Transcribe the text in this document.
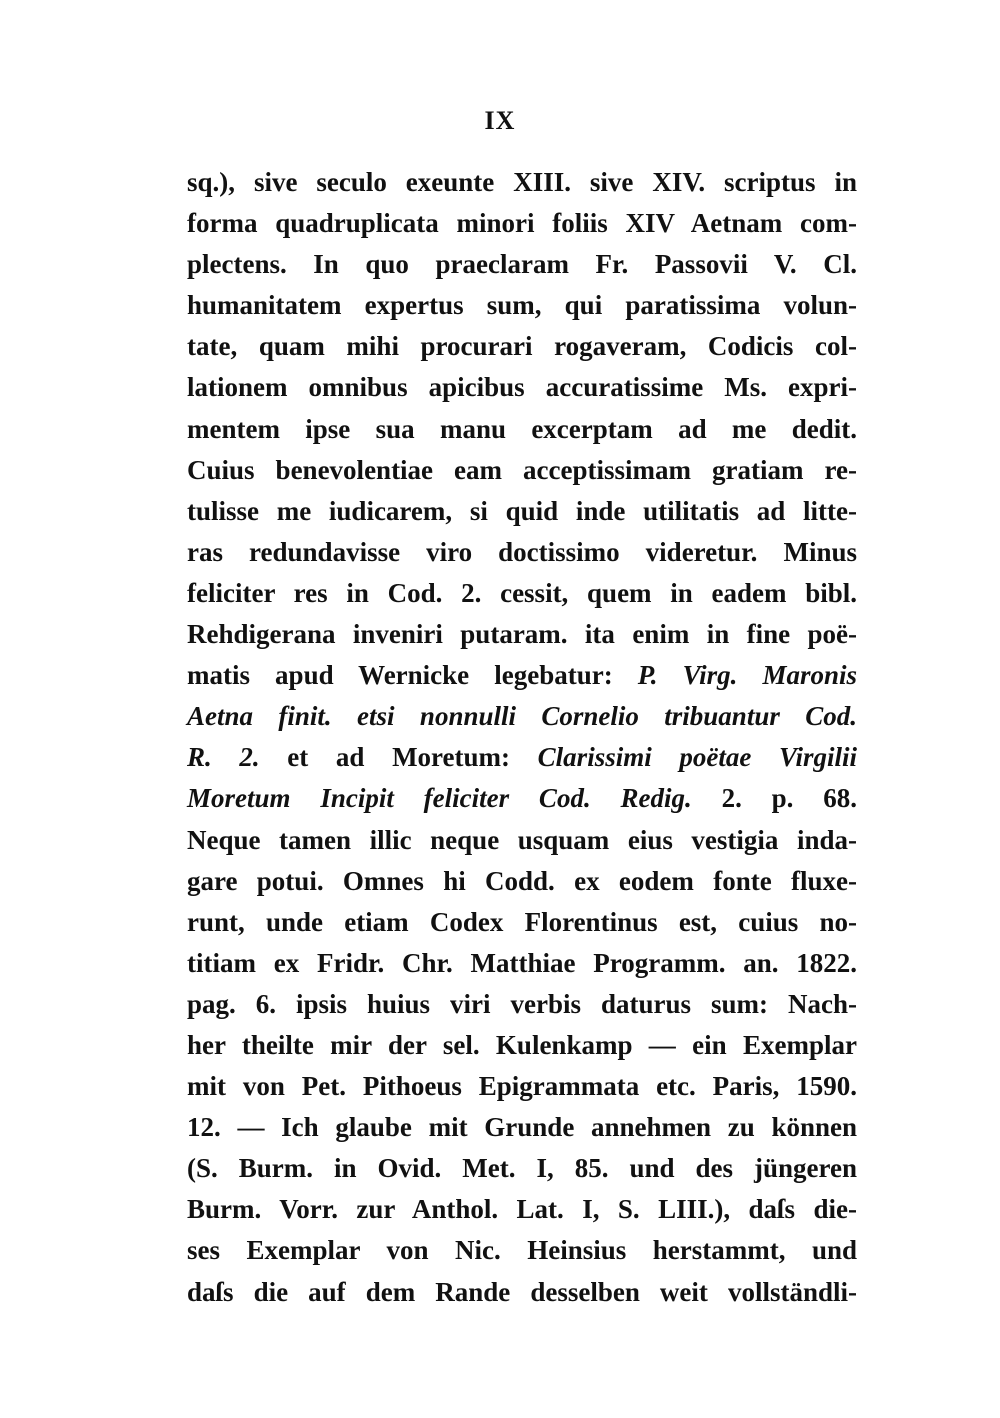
IX
sq.), sive seculo exeunte XIII. sive XIV. scriptus in
forma quadruplicata minori foliis XIV Aetnam com-
plectens. In quo praeclaram Fr. Passovii V. Cl.
humanitatem expertus sum, qui paratissima volun-
tate, quam mihi procurari rogaveram, Codicis col-
lationem omnibus apicibus accuratissime Ms. expri-
mentem ipse sua manu excerptam ad me dedit.
Cuius benevolentiae eam acceptissimam gratiam re-
tulisse me iudicarem, si quid inde utilitatis ad litte-
ras redundavisse viro doctissimo videretur. Minus
feliciter res in Cod. 2. cessit, quem in eadem bibl.
Rehdigerana inveniri putaram. ita enim in fine poë-
matis apud Wernicke legebatur: P. Virg. Maronis
Aetna finit. etsi nonnulli Cornelio tribuantur Cod.
R. 2. et ad Moretum: Clarissimi poëtae Virgilii
Moretum Incipit feliciter Cod. Redig. 2. p. 68.
Neque tamen illic neque usquam eius vestigia inda-
gare potui. Omnes hi Codd. ex eodem fonte fluxe-
runt, unde etiam Codex Florentinus est, cuius no-
titiam ex Fridr. Chr. Matthiae Programm. an. 1822.
pag. 6. ipsis huius viri verbis daturus sum: Nach-
her theilte mir der sel. Kulenkamp — ein Exemplar
mit von Pet. Pithoeus Epigrammata etc. Paris, 1590.
12. — Ich glaube mit Grunde annehmen zu können
(S. Burm. in Ovid. Met. I, 85. und des jüngeren
Burm. Vorr. zur Anthol. Lat. I, S. LIII.), daſs die-
ses Exemplar von Nic. Heinsius herstammt, und
daſs die auf dem Rande desselben weit vollständli-
